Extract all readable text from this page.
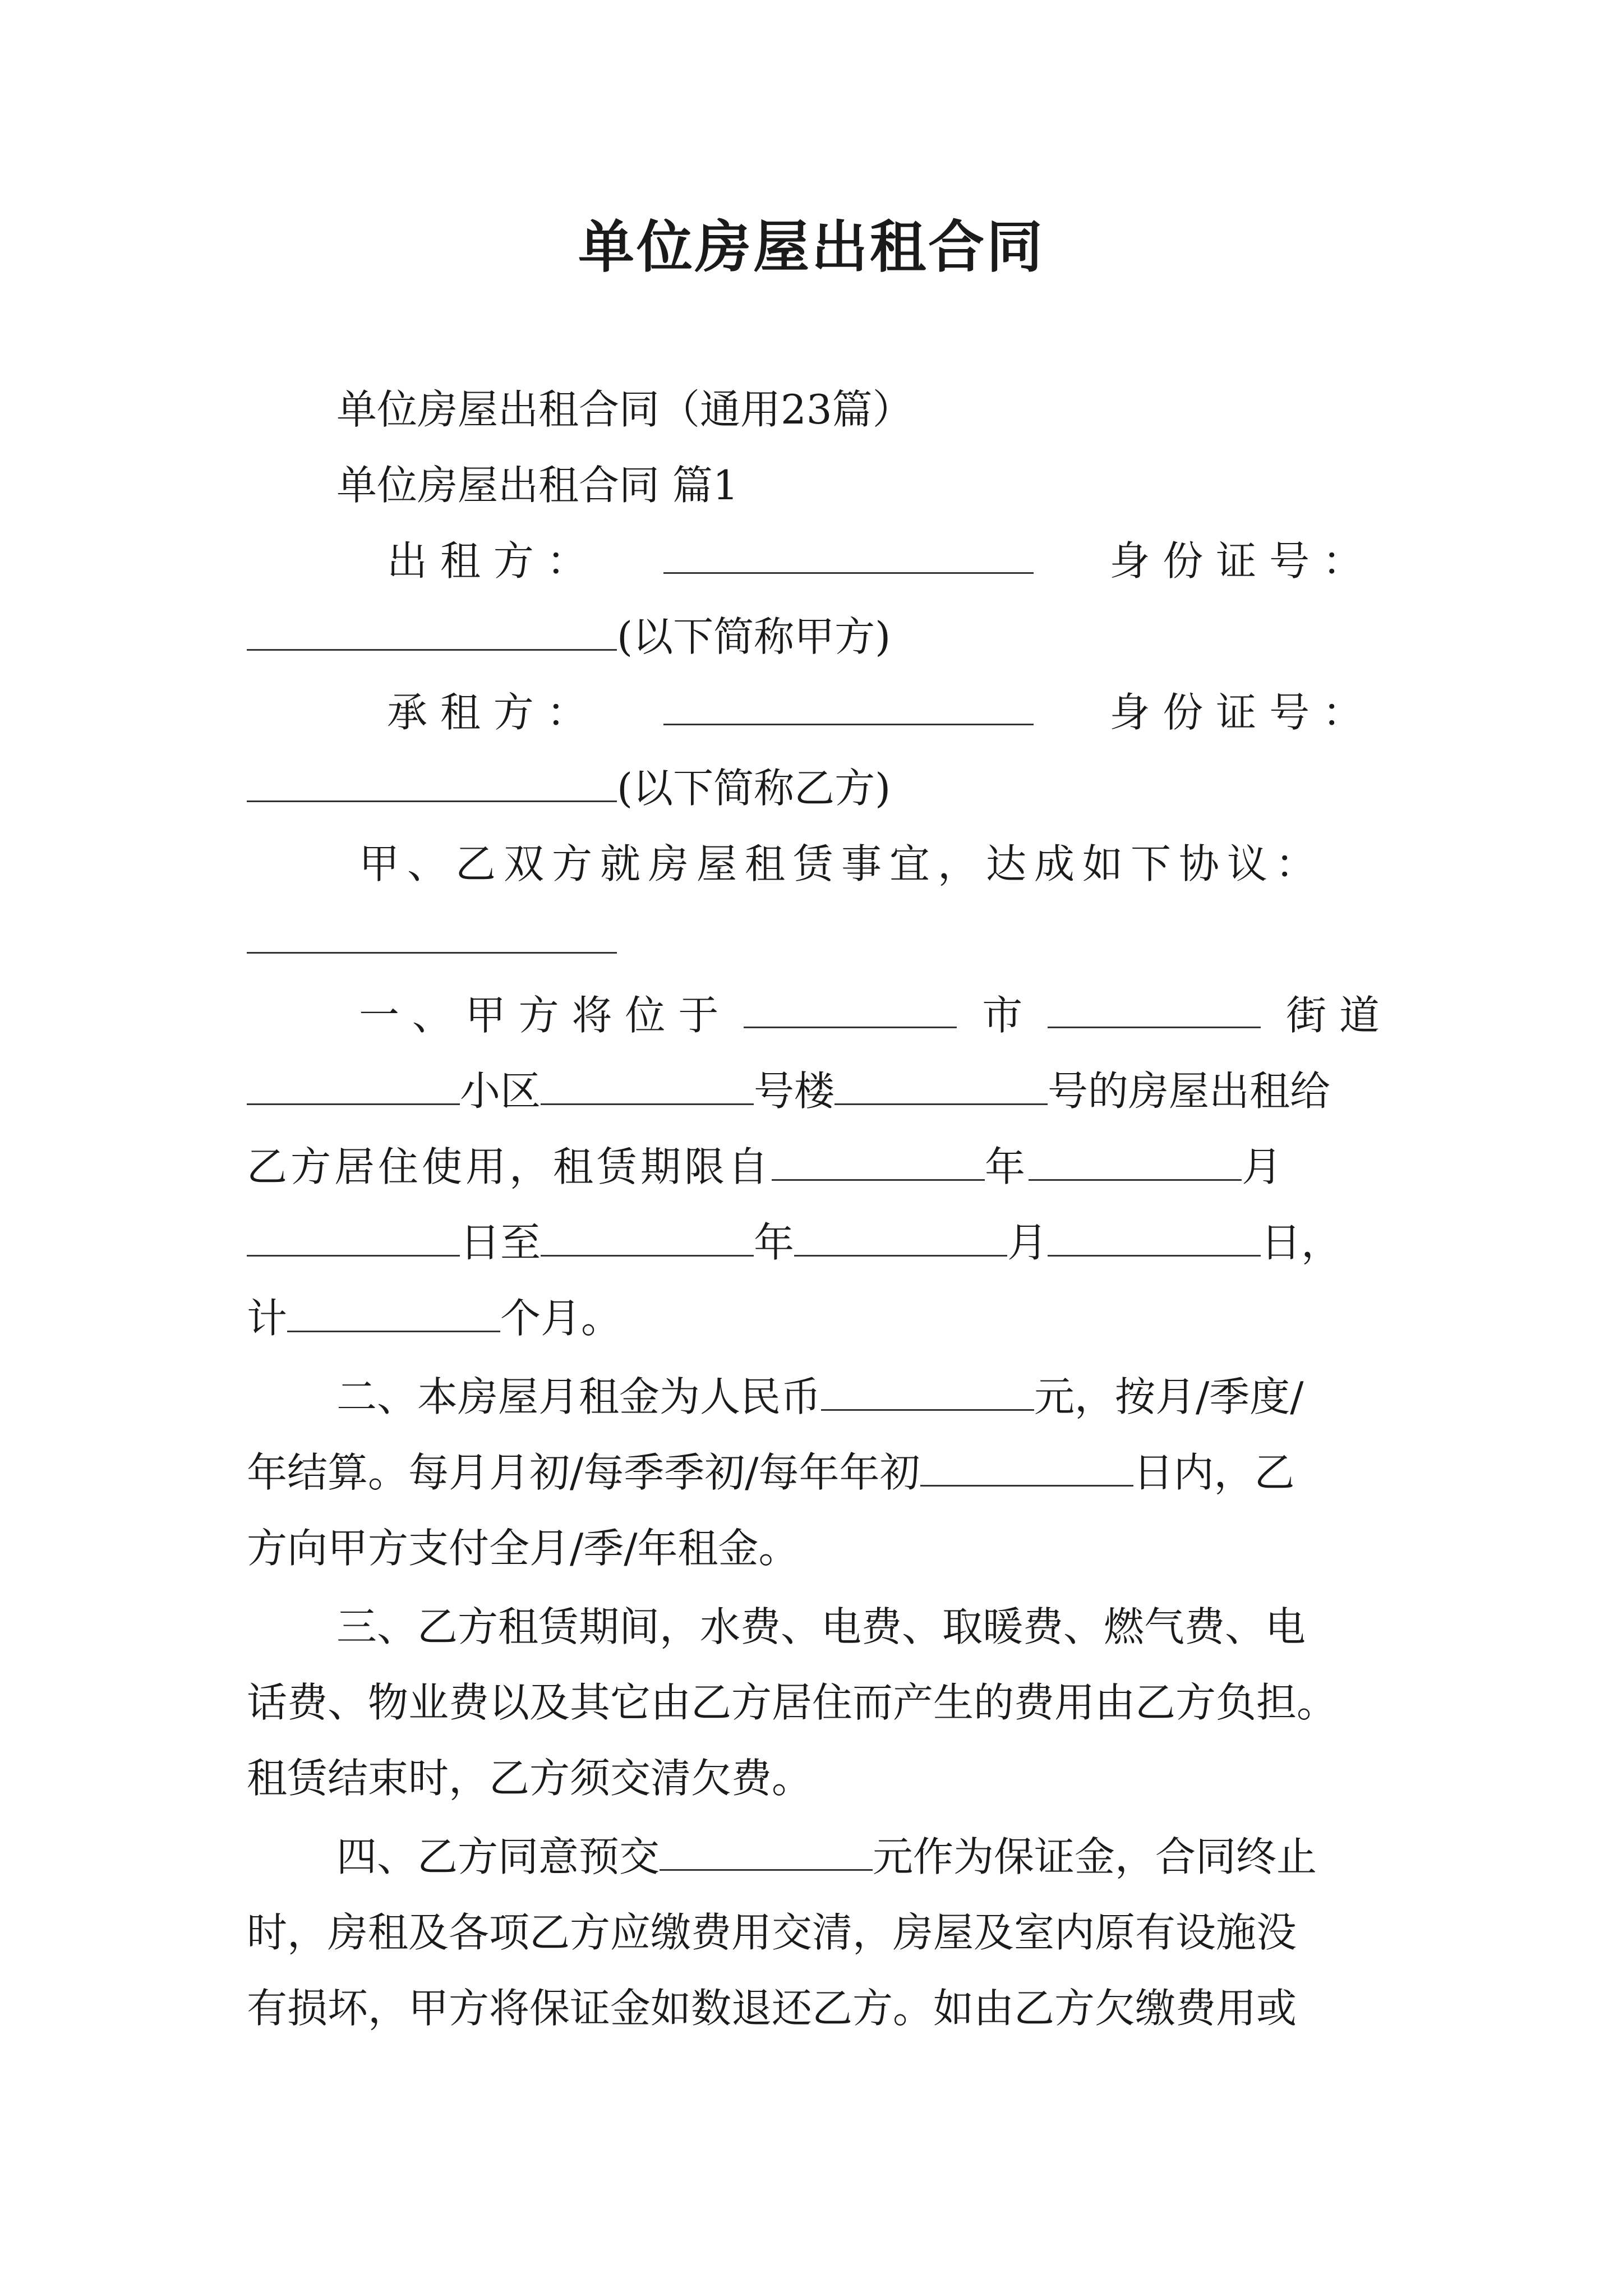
单位房屋出租合同
单位房屋出租合同（通用23篇）
单位房屋出租合同 篇1
出 租 方 ：	身 份 证 号 ：
(以下简称甲方)
承 租 方 ：	身 份 证 号 ：
(以下简称乙方)
甲、乙双方就房屋租赁事宜，达成如下协议：
一 、 甲 方 将 位 于	市	街 道
小区	号楼	号的房屋出租给
乙方居住使用，租赁期限自	年	月
日至	年	月	日，
计	个月。
二、本房屋月租金为人民币	元，按月/季度/
年结算。每月月初/每季季初/每年年初	日内，乙
方向甲方支付全月/季/年租金。
三、乙方租赁期间，水费、电费、取暖费、燃气费、电
话费、物业费以及其它由乙方居住而产生的费用由乙方负担。
租赁结束时，乙方须交清欠费。
四、乙方同意预交	元作为保证金，合同终止
时，房租及各项乙方应缴费用交清，房屋及室内原有设施没
有损坏，甲方将保证金如数退还乙方。如由乙方欠缴费用或
